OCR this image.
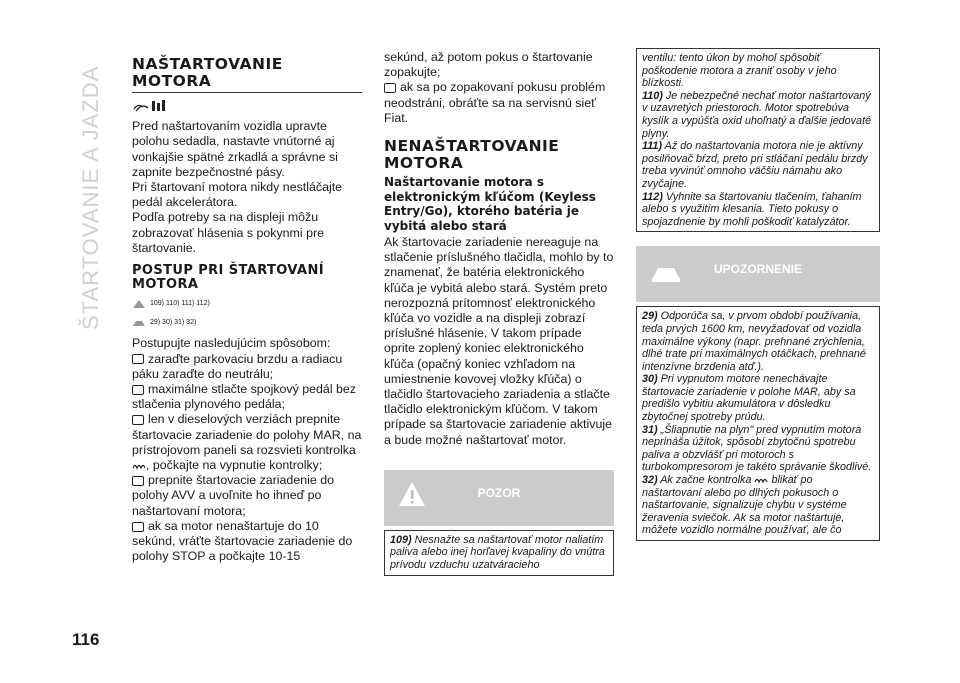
ŠTARTOVANIE A JAZDA
116
NAŠTARTOVANIE MOTORA

Pred naštartovaním vozidla upravte polohu sedadla, nastavte vnútorné aj vonkajšie spätné zrkadlá a správne si zapnite bezpečnostné pásy.

Pri štartovaní motora nikdy nestláčajte pedál akcelerátora.

Podľa potreby sa na displeji môžu zobrazovať hlásenia s pokynmi pre štartovanie.

POSTUP PRI ŠTARTOVANÍ MOTORA
109) 110) 111) 112)
29) 30) 31) 32)

Postupujte nasledujúcim spôsobom:

zaraďte parkovaciu brzdu a radiacu páku zaraďte do neutrálu;

maximálne stlačte spojkový pedál bez stlačenia plynového pedála;

len v dieselových verziách prepnite štartovacie zariadenie do polohy MAR, na prístrojovom paneli sa rozsvieti kontrolka , počkajte na vypnutie kontrolky;

prepnite štartovacie zariadenie do polohy AVV a uvoľnite ho ihneď po naštartovaní motora;

ak sa motor nenaštartuje do 10 sekúnd, vráťte štartovacie zariadenie do polohy STOP a počkajte 10-15

sekúnd, až potom pokus o štartovanie zopakujte;

ak sa po zopakovaní pokusu problém neodstráni, obráťte sa na servisnú sieť Fiat.

NENAŠTARTOVANIE MOTORA
Naštartovanie motora s elektronickým kľúčom (Keyless Entry/Go), ktorého batéria je vybitá alebo stará

Ak štartovacie zariadenie nereaguje na stlačenie príslušného tlačidla, mohlo by to znamenať, že batéria elektronického kľúča je vybitá alebo stará. Systém preto nerozpozná prítomnosť elektronického kľúča vo vozidle a na displeji zobrazí príslušné hlásenie. V takom prípade oprite zoplený koniec elektronického kľúča (opačný koniec vzhľadom na umiestnenie kovovej vložky kľúča) o tlačidlo štartovacieho zariadenia a stlačte tlačidlo elektronickým kľúčom. V takom prípade sa štartovacie zariadenie aktivuje a bude možné naštartovať motor.

POZOR
109) Nesnažte sa naštartovať motor naliatím paliva alebo inej horľavej kvapaliny do vnútra prívodu vzduchu uzatváracieho

ventilu: tento úkon by mohol spôsobiť poškodenie motora a zraniť osoby v jeho blízkosti.

110) Je nebezpečné nechať motor naštartovaný v uzavretých priestoroch. Motor spotrebúva kyslík a vypúšťa oxid uhoľnatý a ďalšie jedovaté plyny.

111) Až do naštartovania motora nie je aktívny posilňovač bŕzd, preto pri stláčaní pedálu brzdy treba vyvinúť omnoho väčšiu námahu ako zvyčajne.

112) Vyhnite sa štartovaniu tlačením, ťahaním alebo s využitím klesania. Tieto pokusy o spojazdnenie by mohli poškodiť katalyzátor.

UPOZORNENIE

29) Odporúča sa, v prvom období používania, teda prvých 1600 km, nevyžadovať od vozidla maximálne výkony (napr. prehnané zrýchlenia, dlhé trate pri maximálnych otáčkach, prehnané intenzívne brzdenia atď.).

30) Pri vypnutom motore nenechávajte štartovacie zariadenie v polohe MAR, aby sa predišlo vybitiu akumulátora v dôsledku zbytočnej spotreby prúdu.

31) „Šliapnutie na plyn" pred vypnutím motora neprináša úžitok, spôsobí zbytočnú spotrebu paliva a obzvlášť pri motoroch s turbokompresorom je takéto správanie škodlivé.

32) Ak začne kontrolka blikať po naštartovaní alebo po dlhých pokusoch o naštartovanie, signalizuje chybu v systéme žeravenia sviečok. Ak sa motor naštartuje, môžete vozidlo normálne používať, ale čo
